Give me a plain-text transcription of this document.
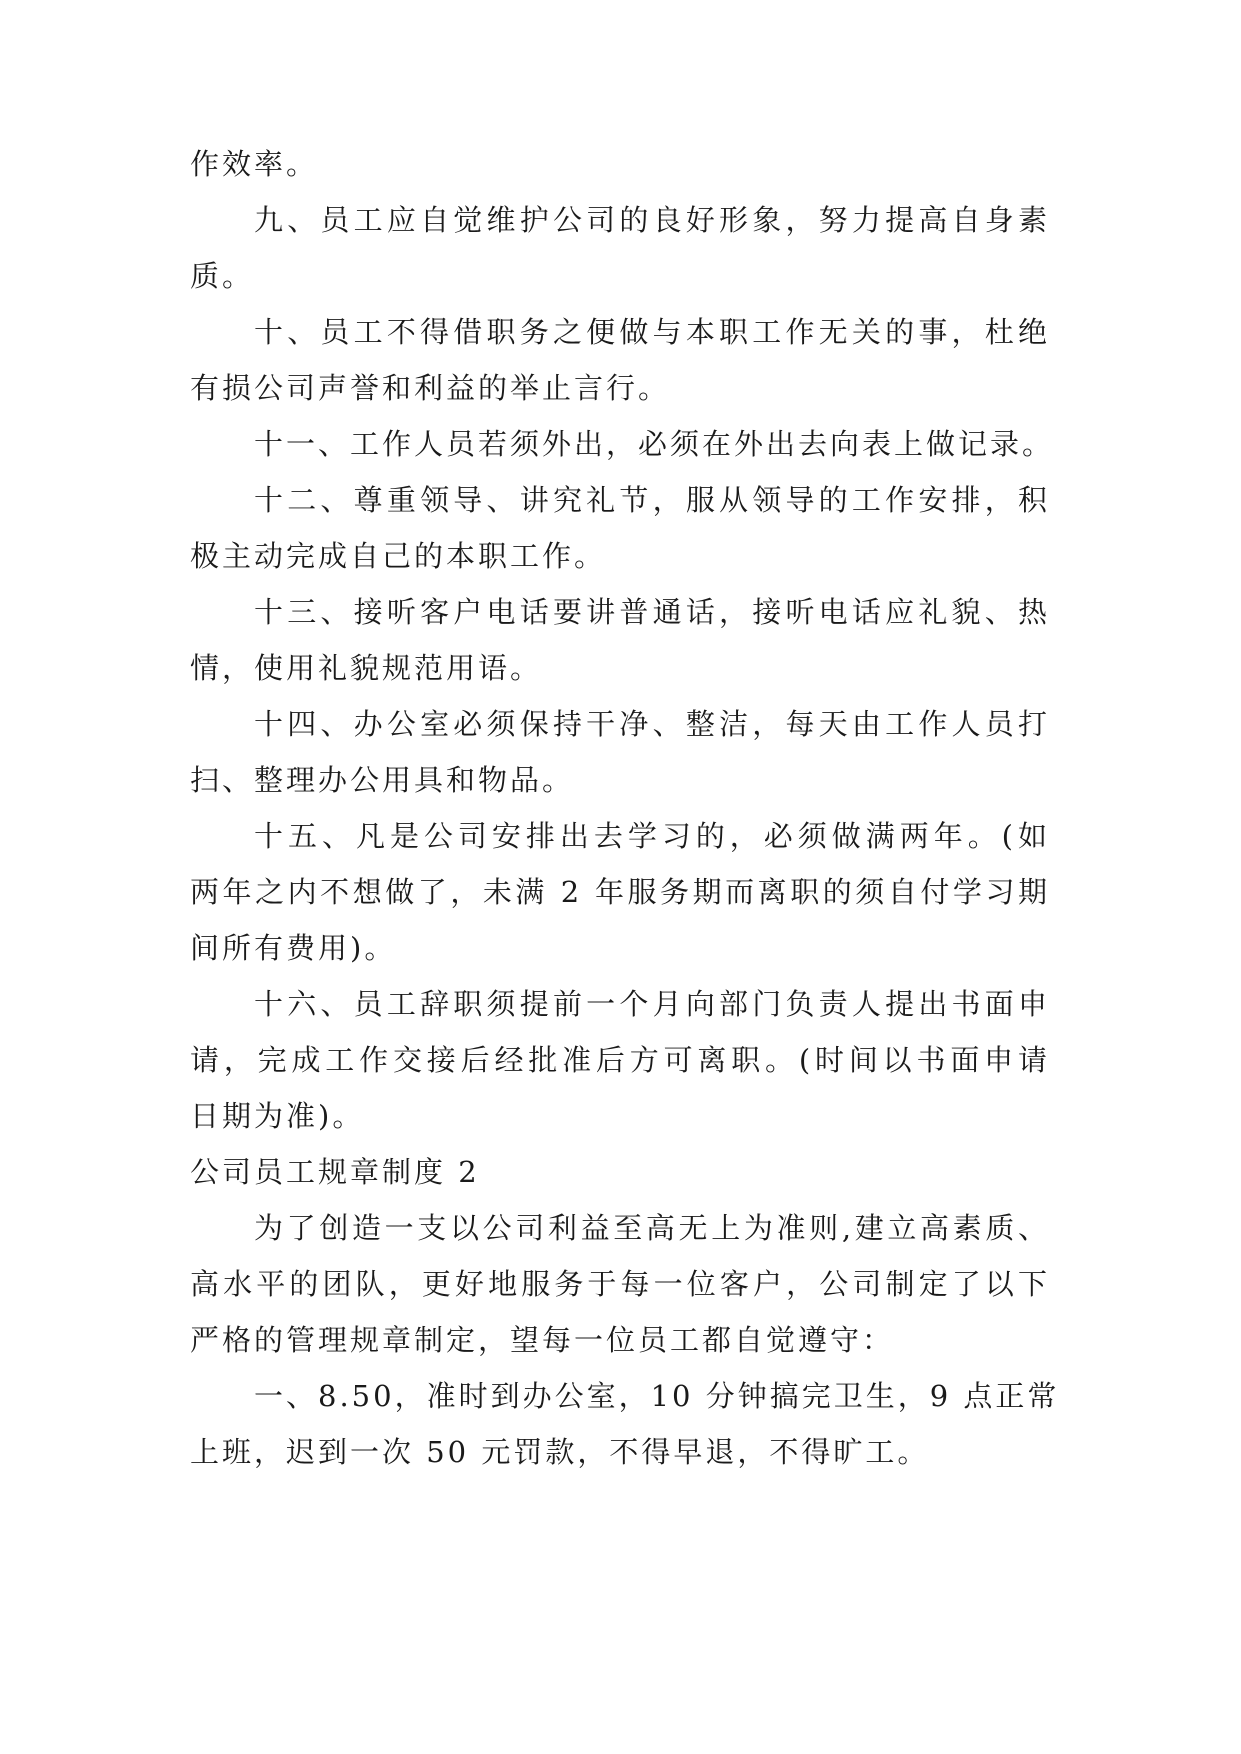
作效率。
九、员工应自觉维护公司的良好形象，努力提高自身素
质。
十、员工不得借职务之便做与本职工作无关的事，杜绝
有损公司声誉和利益的举止言行。
十一、工作人员若须外出，必须在外出去向表上做记录。
十二、尊重领导、讲究礼节，服从领导的工作安排，积
极主动完成自己的本职工作。
十三、接听客户电话要讲普通话，接听电话应礼貌、热
情，使用礼貌规范用语。
十四、办公室必须保持干净、整洁，每天由工作人员打
扫、整理办公用具和物品。
十五、凡是公司安排出去学习的，必须做满两年。(如
两年之内不想做了，未满 2 年服务期而离职的须自付学习期
间所有费用)。
十六、员工辞职须提前一个月向部门负责人提出书面申
请，完成工作交接后经批准后方可离职。(时间以书面申请
日期为准)。
公司员工规章制度 2
为了创造一支以公司利益至高无上为准则,建立高素质、
高水平的团队，更好地服务于每一位客户，公司制定了以下
严格的管理规章制定，望每一位员工都自觉遵守：
一、8.50，准时到办公室，10 分钟搞完卫生，9 点正常
上班，迟到一次 50 元罚款，不得早退，不得旷工。
